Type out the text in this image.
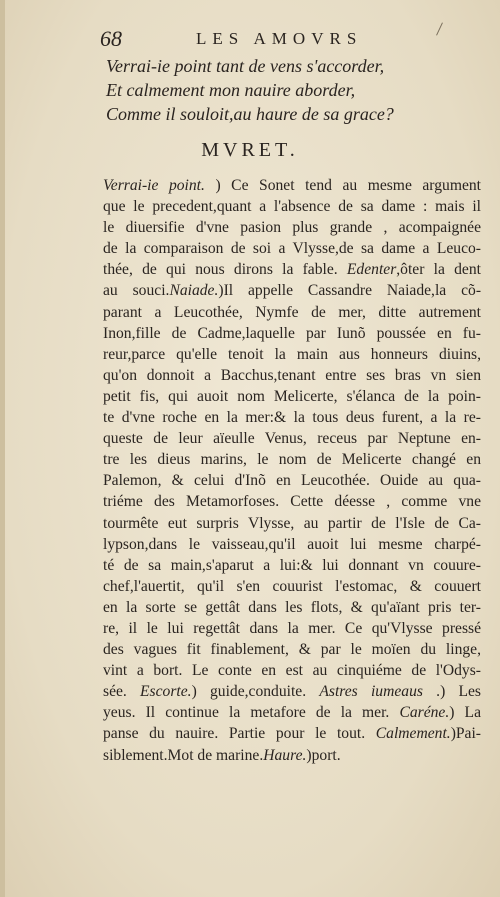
68	LES AMOVRS
Verrai-ie point tant de vens s'accorder,
Et calmement mon nauire aborder,
Comme il souloit,au haure de sa grace?
MVRET.
Verrai-ie point. ) Ce Sonet tend au mesme argument
que le precedent,quant a l'absence de sa dame : mais il
le diuersifie d'vne pasion plus grande , acompaignée
de la comparaison de soi a Vlysse,de sa dame a Leuco-
thée, de qui nous dirons la fable. Edenter,ôter la dent
au souci.Naiade.)Il appelle Cassandre Naiade,la cõ-
parant a Leucothée, Nymfe de mer, ditte autrement
Inon,fille de Cadme,laquelle par Iunõ poussée en fu-
reur,parce qu'elle tenoit la main aus honneurs diuins,
qu'on donnoit a Bacchus,tenant entre ses bras vn sien
petit fis, qui auoit nom Melicerte, s'élanca de la poin-
te d'vne roche en la mer:& la tous deus furent, a la re-
queste de leur aïeulle Venus, receus par Neptune en-
tre les dieus marins, le nom de Melicerte changé en
Palemon, & celui d'Inõ en Leucothée. Ouide au qua-
triéme des Metamorfoses. Cette déesse , comme vne
tourmête eut surpris Vlysse, au partir de l'Isle de Ca-
lypson,dans le vaisseau,qu'il auoit lui mesme charpé-
té de sa main,s'aparut a lui:& lui donnant vn couure-
chef,l'auertit, qu'il s'en couurist l'estomac, & couuert
en la sorte se gettât dans les flots, & qu'aïant pris ter-
re, il le lui regettât dans la mer. Ce qu'Vlysse pressé
des vagues fit finablement, & par le moïen du linge,
vint a bort. Le conte en est au cinquiéme de l'Odys-
sée. Escorte.) guide,conduite. Astres iumeaus .) Les
yeus. Il continue la metafore de la mer. Caréne.) La
panse du nauire. Partie pour le tout. Calmement.)Pai-
siblement.Mot de marine.Haure.)port.
